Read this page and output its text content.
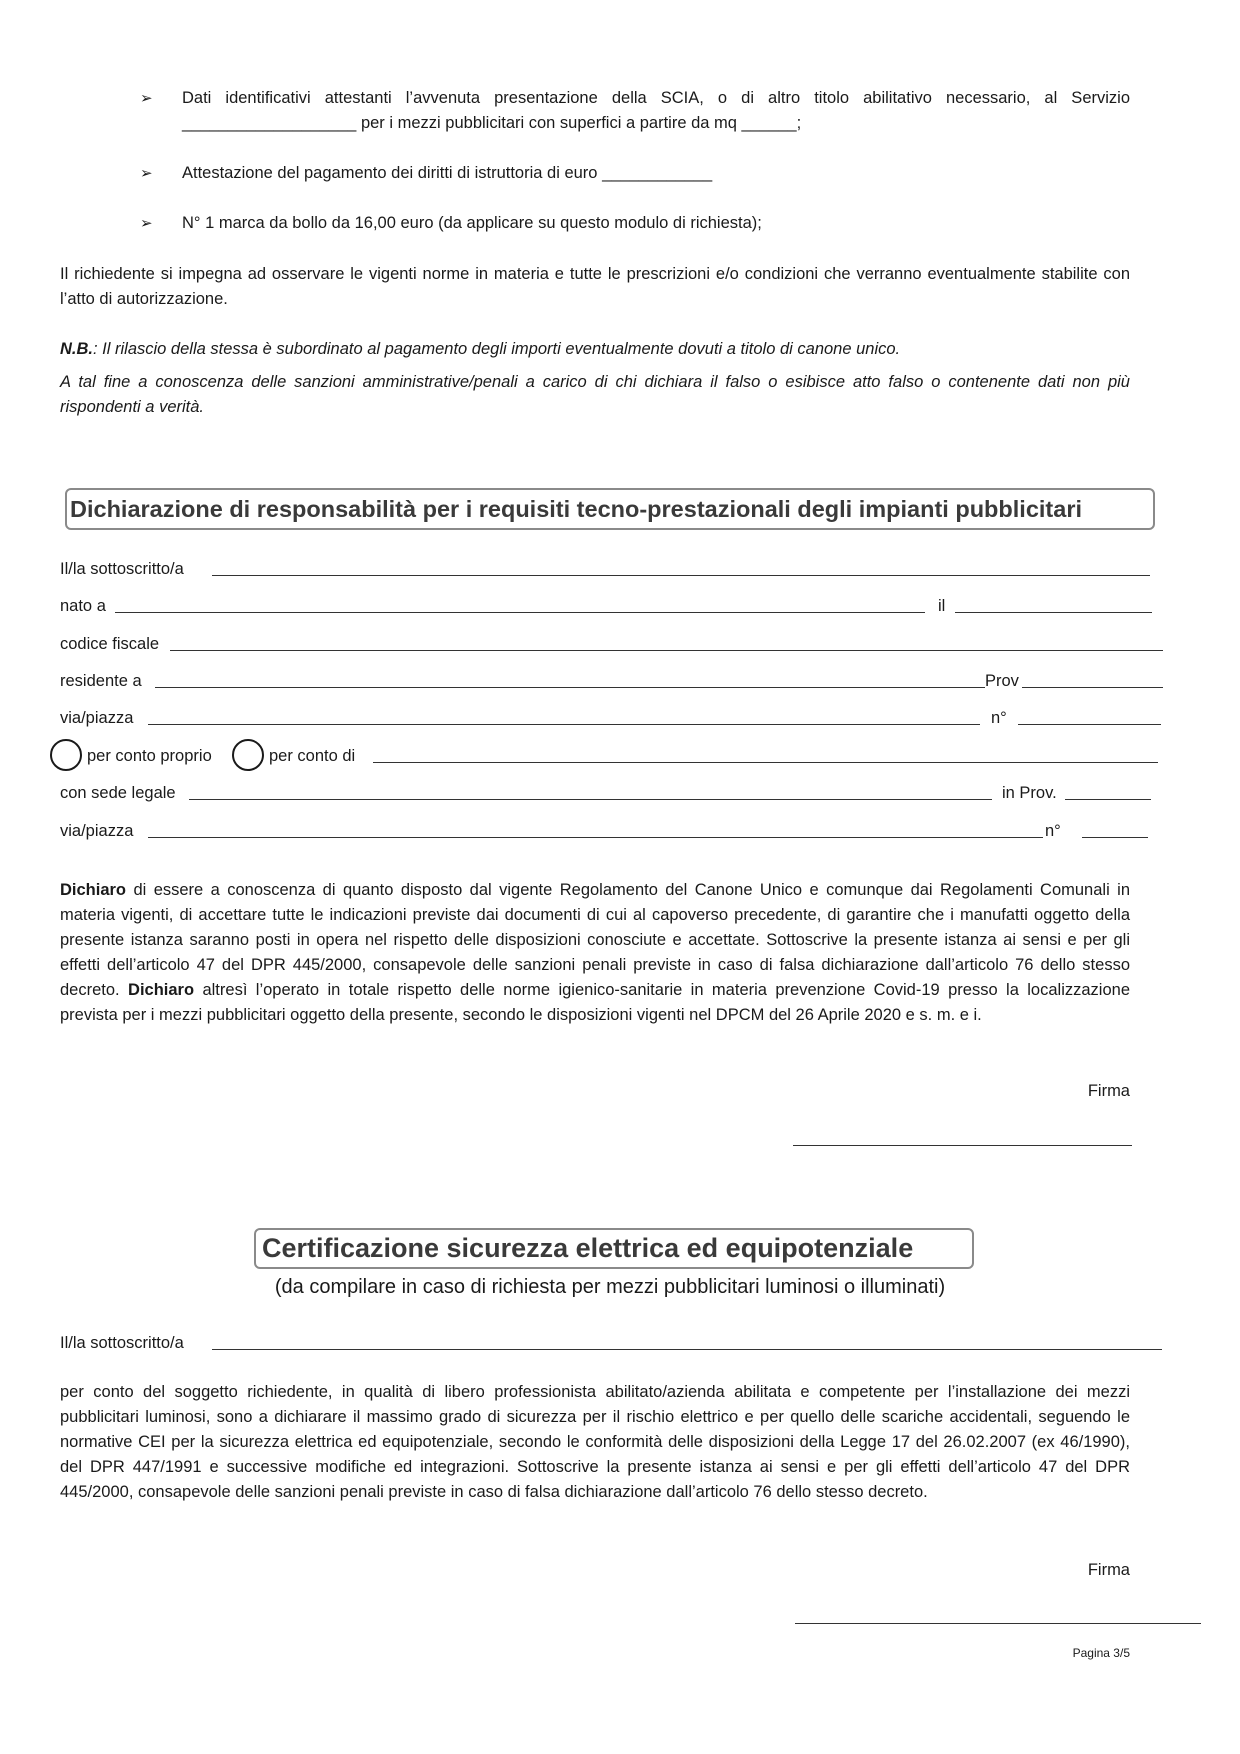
➢ Dati identificativi attestanti l’avvenuta presentazione della SCIA, o di altro titolo abilitativo necessario, al Servizio ___________________ per i mezzi pubblicitari con superfici a partire da mq ______;
➢ Attestazione del pagamento dei diritti di istruttoria di euro ____________
➢ N° 1 marca da bollo da 16,00 euro (da applicare su questo modulo di richiesta);
Il richiedente si impegna ad osservare le vigenti norme in materia e tutte le prescrizioni e/o condizioni che verranno eventualmente stabilite con l’atto di autorizzazione.
N.B.: Il rilascio della stessa è subordinato al pagamento degli importi eventualmente dovuti a titolo di canone unico.
A tal fine a conoscenza delle sanzioni amministrative/penali a carico di chi dichiara il falso o esibisce atto falso o contenente dati non più rispondenti a verità.
Dichiarazione di responsabilità per i requisiti tecno-prestazionali degli impianti pubblicitari
Il/la sottoscritto/a
nato a	il
codice fiscale
residente a	Prov
via/piazza	n°
per conto proprio	per conto di
con sede legale	in Prov.
via/piazza	n°
Dichiaro di essere a conoscenza di quanto disposto dal vigente Regolamento del Canone Unico e comunque dai Regolamenti Comunali in materia vigenti, di accettare tutte le indicazioni previste dai documenti di cui al capoverso precedente, di garantire che i manufatti oggetto della presente istanza saranno posti in opera nel rispetto delle disposizioni conosciute e accettate. Sottoscrive la presente istanza ai sensi e per gli effetti dell’articolo 47 del DPR 445/2000, consapevole delle sanzioni penali previste in caso di falsa dichiarazione dall’articolo 76 dello stesso decreto. Dichiaro altresì l’operato in totale rispetto delle norme igienico-sanitarie in materia prevenzione Covid-19 presso la localizzazione prevista per i mezzi pubblicitari oggetto della presente, secondo le disposizioni vigenti nel DPCM del 26 Aprile 2020 e s. m. e i.
Firma
Certificazione sicurezza elettrica ed equipotenziale
(da compilare in caso di richiesta per mezzi pubblicitari luminosi o illuminati)
Il/la sottoscritto/a
per conto del soggetto richiedente, in qualità di libero professionista abilitato/azienda abilitata e competente per l’installazione dei mezzi pubblicitari luminosi, sono a dichiarare il massimo grado di sicurezza per il rischio elettrico e per quello delle scariche accidentali, seguendo le normative CEI per la sicurezza elettrica ed equipotenziale, secondo le conformità delle disposizioni della Legge 17 del 26.02.2007 (ex 46/1990), del DPR 447/1991 e successive modifiche ed integrazioni. Sottoscrive la presente istanza ai sensi e per gli effetti dell’articolo 47 del DPR 445/2000, consapevole delle sanzioni penali previste in caso di falsa dichiarazione dall’articolo 76 dello stesso decreto.
Firma
Pagina 3/5
